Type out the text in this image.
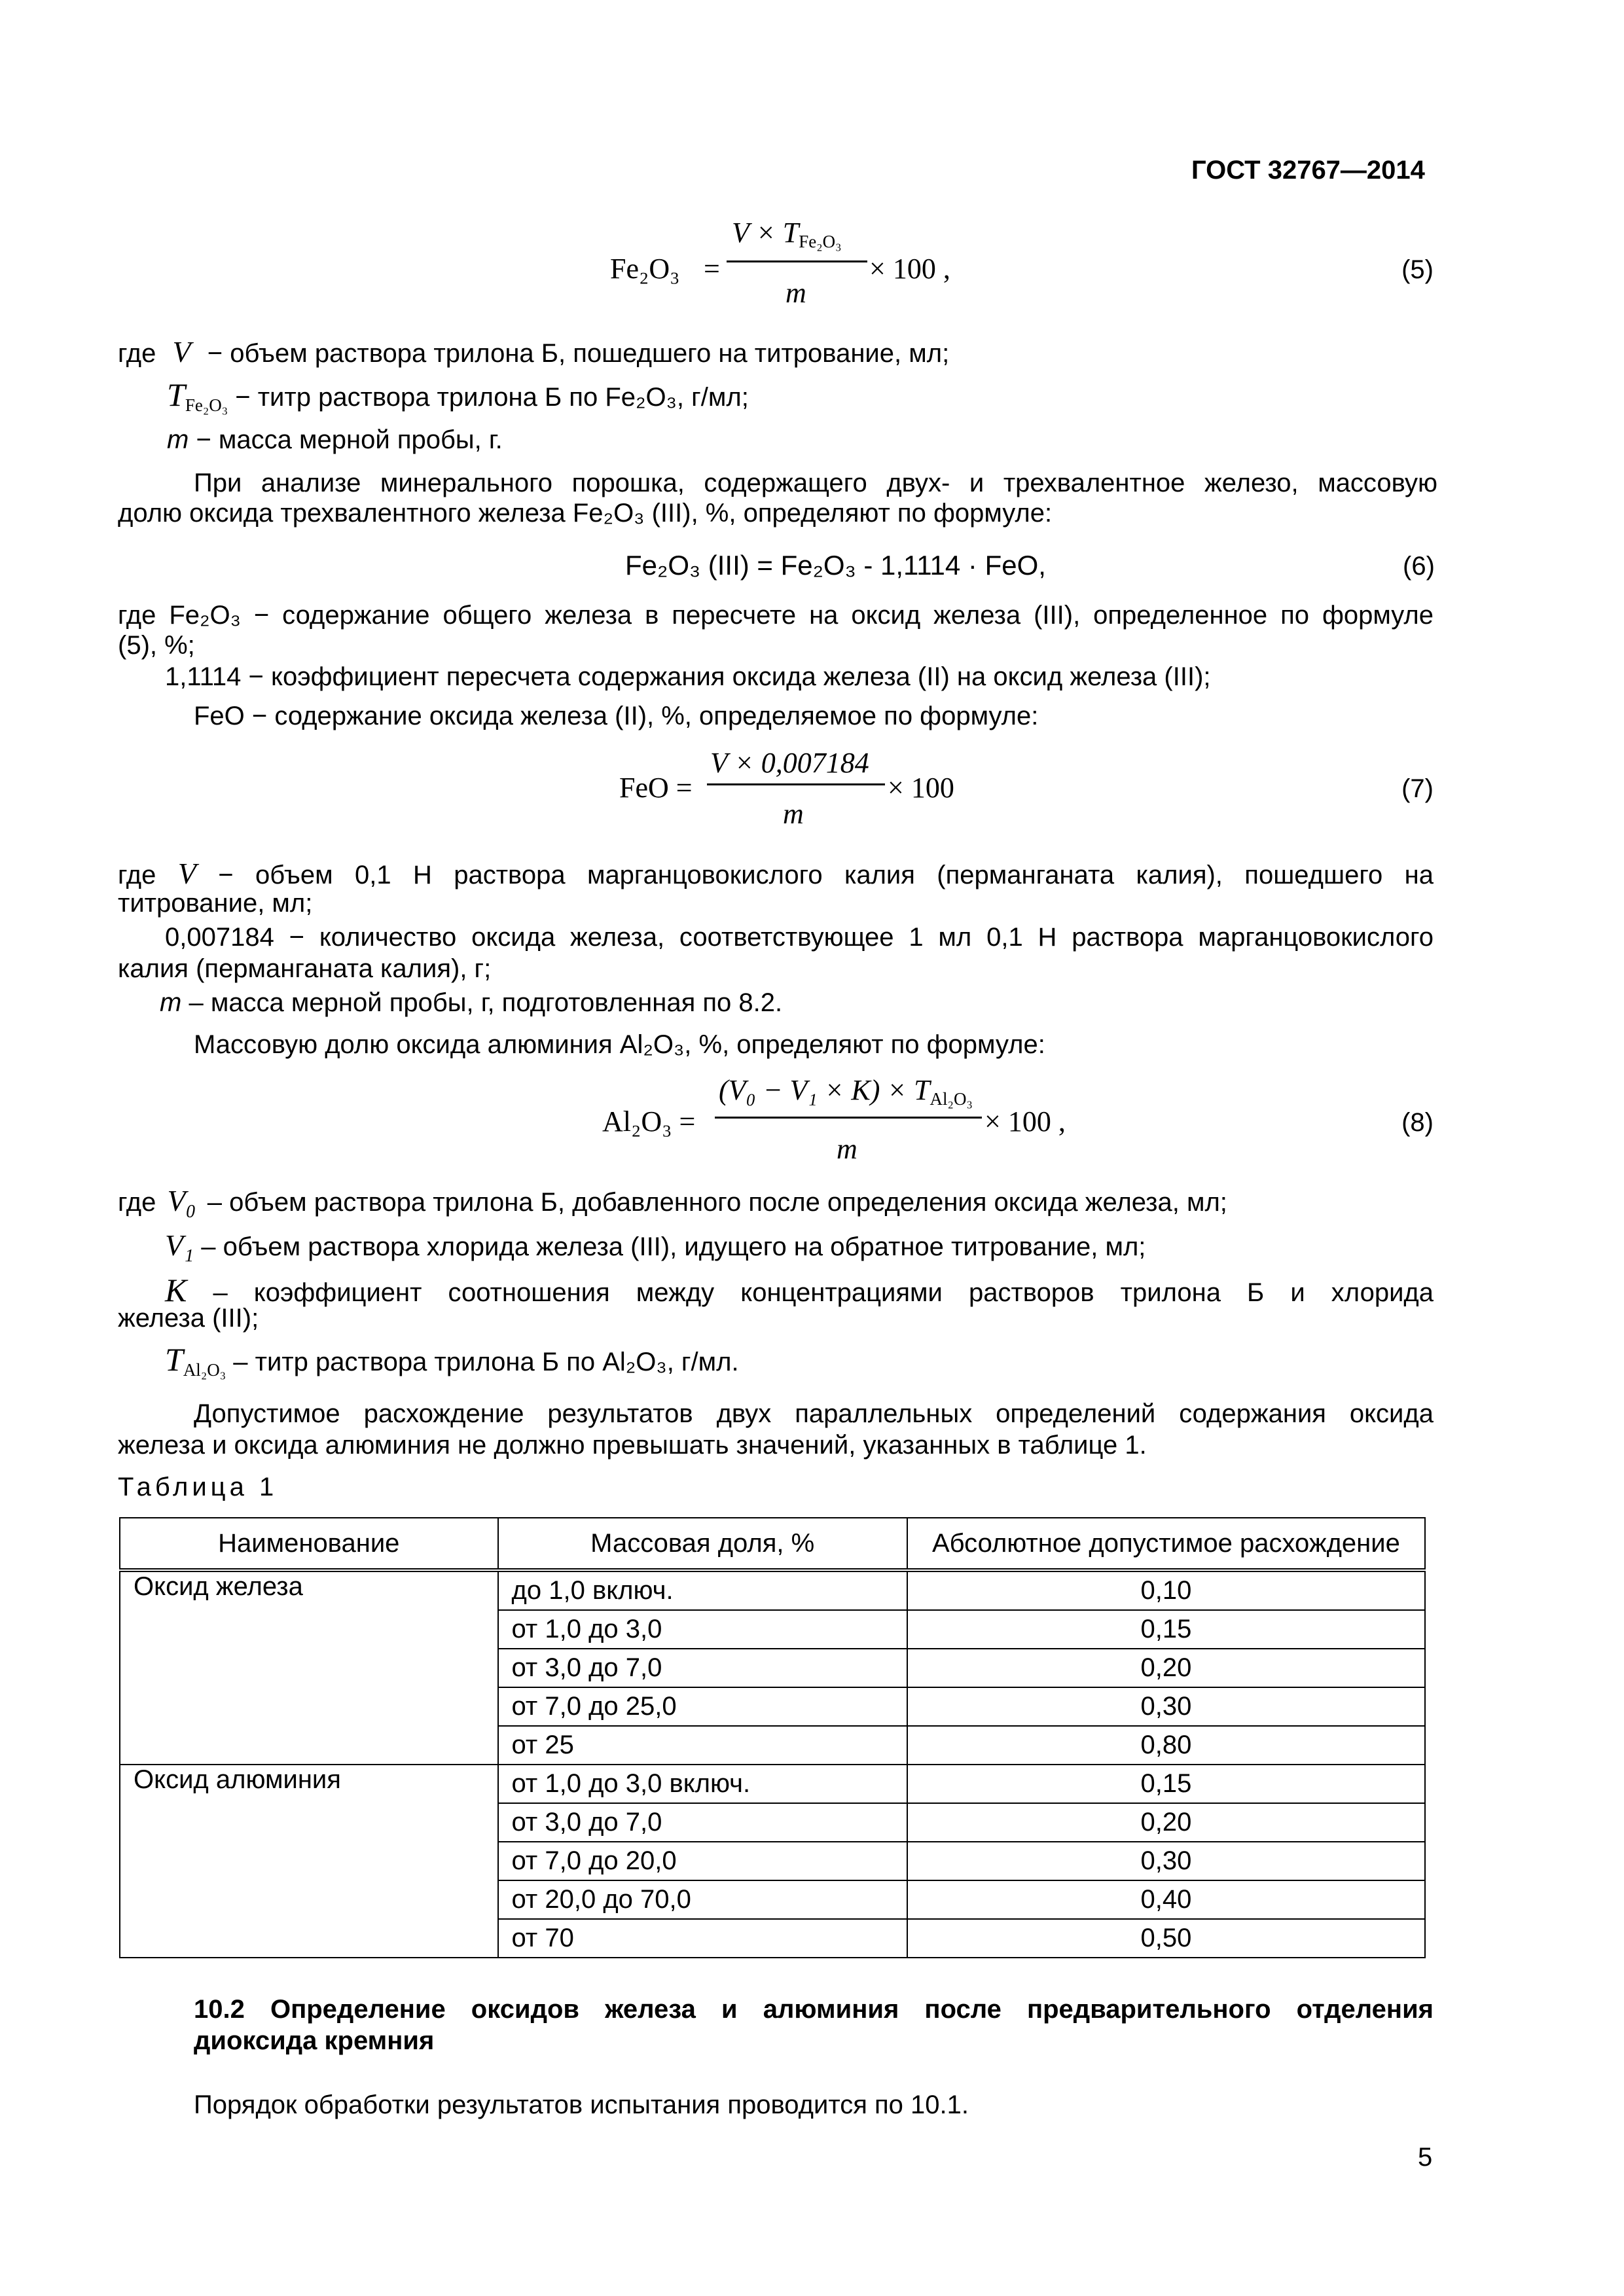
ГОСТ 32767—2014
Fe₂O₃ =
$V \times T_{Fe_2O_3}$
m
× 100 ,	(5)
где V − объем раствора трилона Б, пошедшего на титрование, мл;
$T_{Fe_2O_3}$ − титр раствора трилона Б по Fe₂O₃, г/мл;
m − масса мерной пробы, г.
При анализе минерального порошка, содержащего двух- и трехвалентное железо, массовую
долю оксида трехвалентного железа Fe₂O₃ (III), %, определяют по формуле:
Fe₂O₃ (III) = Fe₂O₃ - 1,1114 · FeO,	(6)
где Fe₂O₃ − содержание общего железа в пересчете на оксид железа (III), определенное по формуле
(5), %;
1,1114 − коэффициент пересчета содержания оксида железа (II) на оксид железа (III);
FeO − содержание оксида железа (II), %, определяемое по формуле:
FeO =
V × 0,007184
m
× 100	(7)
где V − объем 0,1 Н раствора марганцовокислого калия (перманганата калия), пошедшего на
титрование, мл;
0,007184 − количество оксида железа, соответствующее 1 мл 0,1 Н раствора марганцовокислого
калия (перманганата калия), г;
m – масса мерной пробы, г, подготовленная по 8.2.
Массовую долю оксида алюминия Al₂O₃, %, определяют по формуле:
Al₂O₃ =
$(V_0 - V_1 \times K) \times T_{Al_2O_3}$
m
× 100 ,	(8)
где V₀ – объем раствора трилона Б, добавленного после определения оксида железа, мл;
V₁ – объем раствора хлорида железа (III), идущего на обратное титрование, мл;
K – коэффициент соотношения между концентрациями растворов трилона Б и хлорида
железа (III);
$T_{Al_2O_3}$ – титр раствора трилона Б по Al₂O₃, г/мл.
Допустимое расхождение результатов двух параллельных определений содержания оксида
железа и оксида алюминия не должно превышать значений, указанных в таблице 1.
Таблица 1
Наименование	Массовая доля, %	Абсолютное допустимое расхождение
Оксид железа	до 1,0 включ.	0,10
	от 1,0 до 3,0	0,15
	от 3,0 до 7,0	0,20
	от 7,0 до 25,0	0,30
	от 25	0,80
Оксид алюминия	от 1,0 до 3,0 включ.	0,15
	от 3,0 до 7,0	0,20
	от 7,0 до 20,0	0,30
	от 20,0 до 70,0	0,40
	от 70	0,50
10.2 Определение оксидов железа и алюминия после предварительного отделения
диоксида кремния
Порядок обработки результатов испытания проводится по 10.1.
5
